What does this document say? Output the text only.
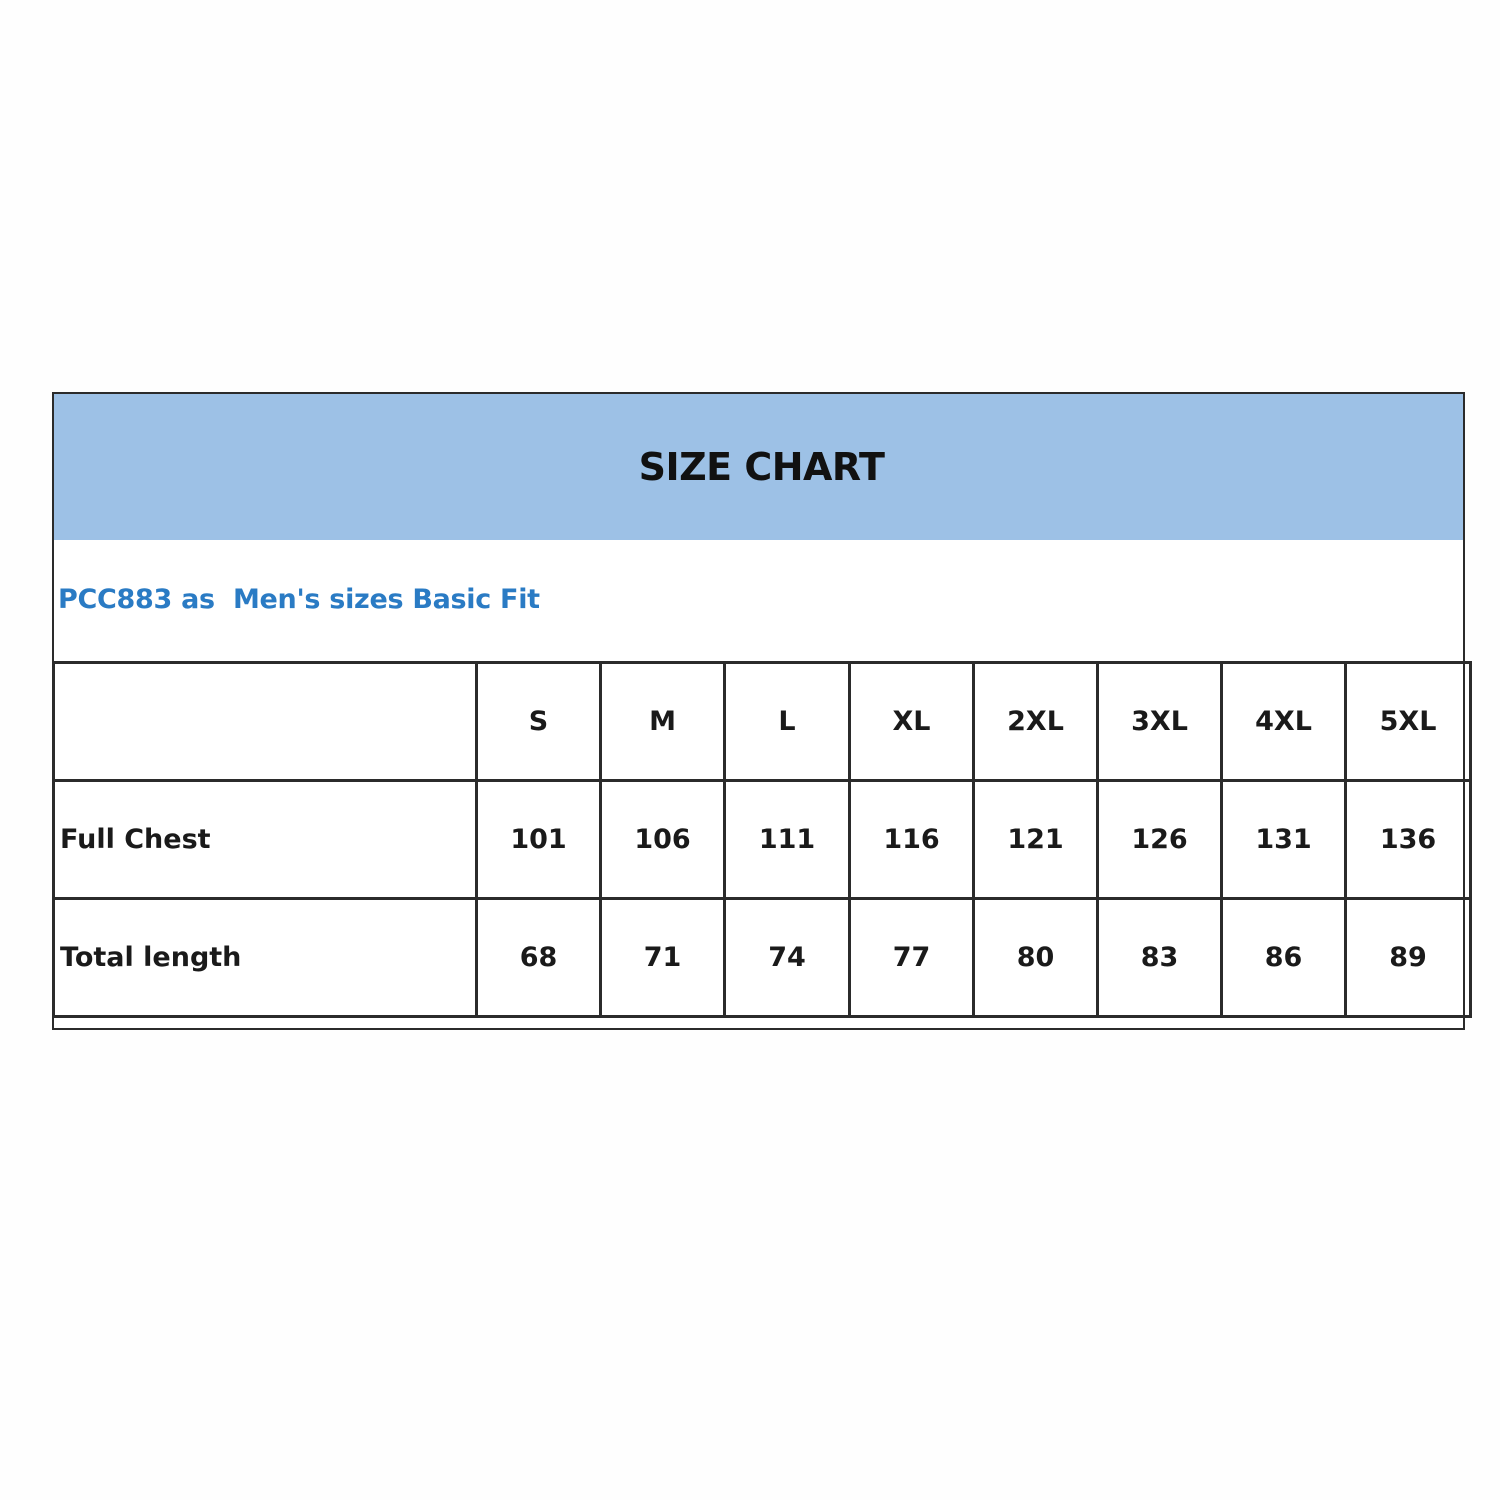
SIZE CHART
PCC883 as  Men's sizes Basic Fit
	S	M	L	XL	2XL	3XL	4XL	5XL
Full Chest	101	106	111	116	121	126	131	136
Total length	68	71	74	77	80	83	86	89
